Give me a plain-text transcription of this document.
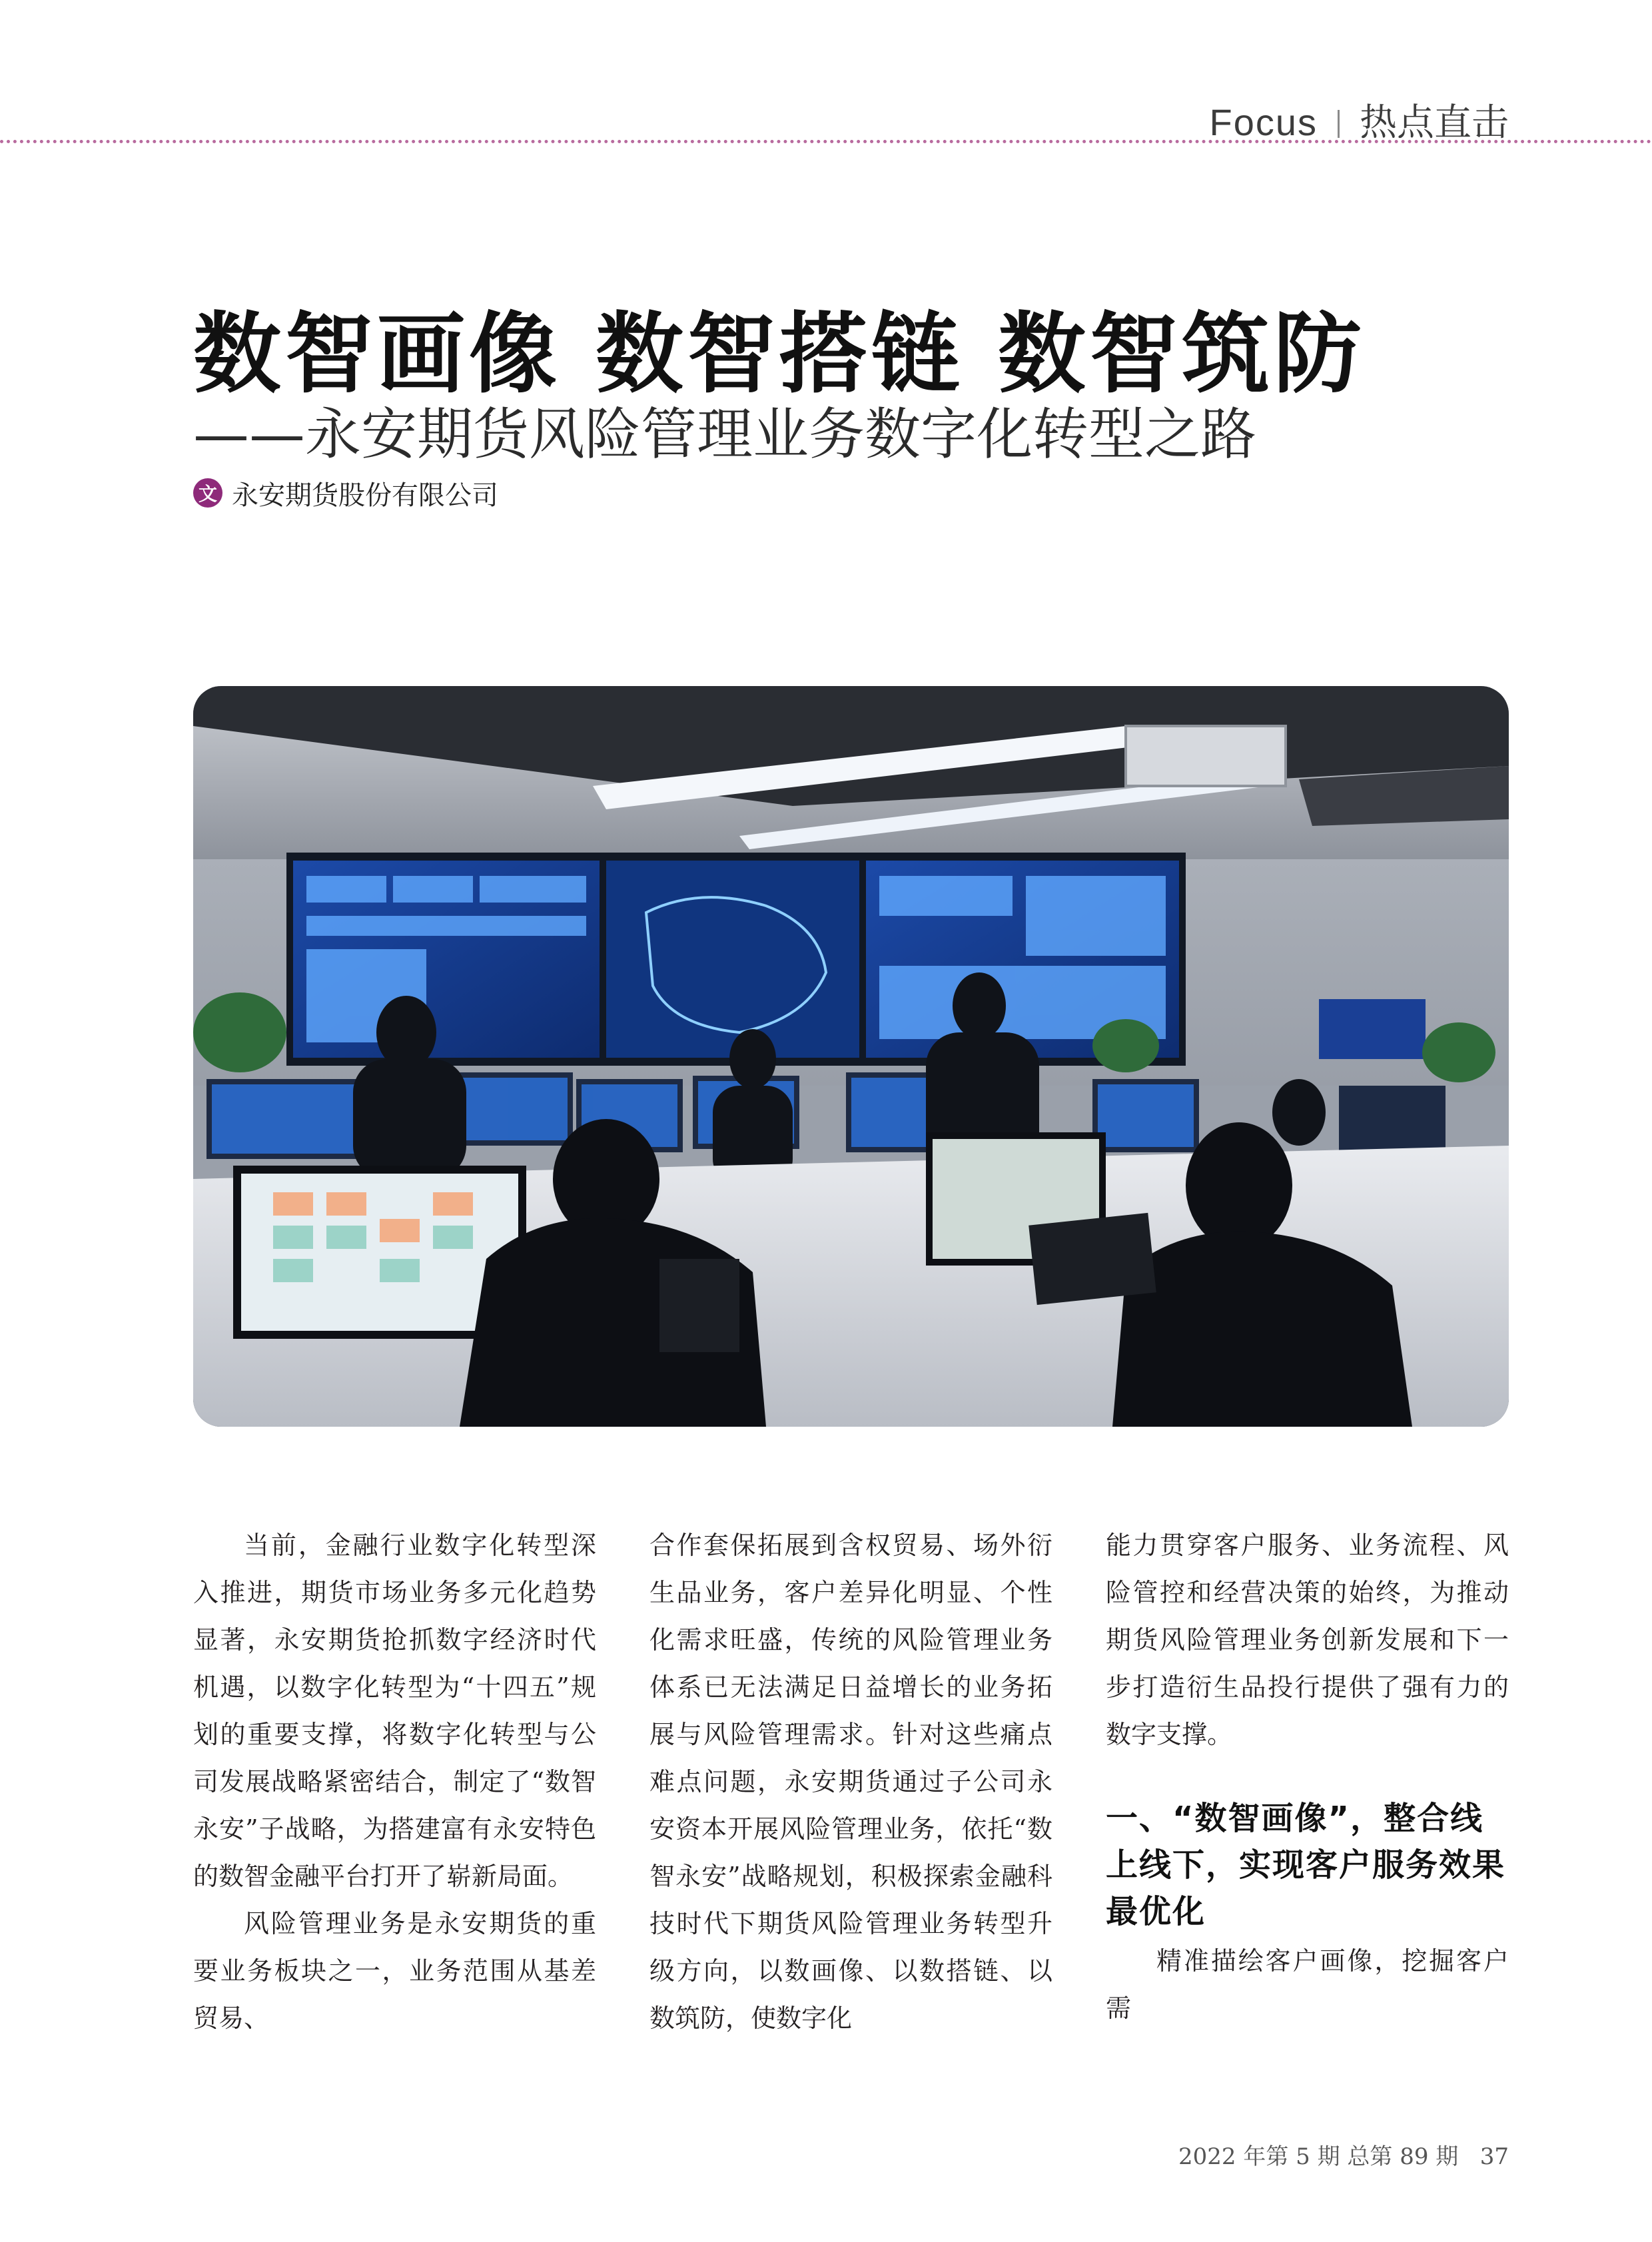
Focus 热点直击
数智画像 数智搭链 数智筑防
——永安期货风险管理业务数字化转型之路
文 永安期货股份有限公司

当前，金融行业数字化转型深入推进，期货市场业务多元化趋势显著，永安期货抢抓数字经济时代机遇，以数字化转型为“十四五”规划的重要支撑，将数字化转型与公司发展战略紧密结合，制定了“数智永安”子战略，为搭建富有永安特色的数智金融平台打开了崭新局面。

风险管理业务是永安期货的重要业务板块之一，业务范围从基差贸易、

合作套保拓展到含权贸易、场外衍生品业务，客户差异化明显、个性化需求旺盛，传统的风险管理业务体系已无法满足日益增长的业务拓展与风险管理需求。针对这些痛点难点问题，永安期货通过子公司永安资本开展风险管理业务，依托“数智永安”战略规划，积极探索金融科技时代下期货风险管理业务转型升级方向，以数画像、以数搭链、以数筑防，使数字化

能力贯穿客户服务、业务流程、风险管控和经营决策的始终，为推动期货风险管理业务创新发展和下一步打造衍生品投行提供了强有力的数字支撑。

一、“数智画像”，整合线上线下，实现客户服务效果最优化

精准描绘客户画像，挖掘客户需

2022 年第 5 期 总第 89 期 37
